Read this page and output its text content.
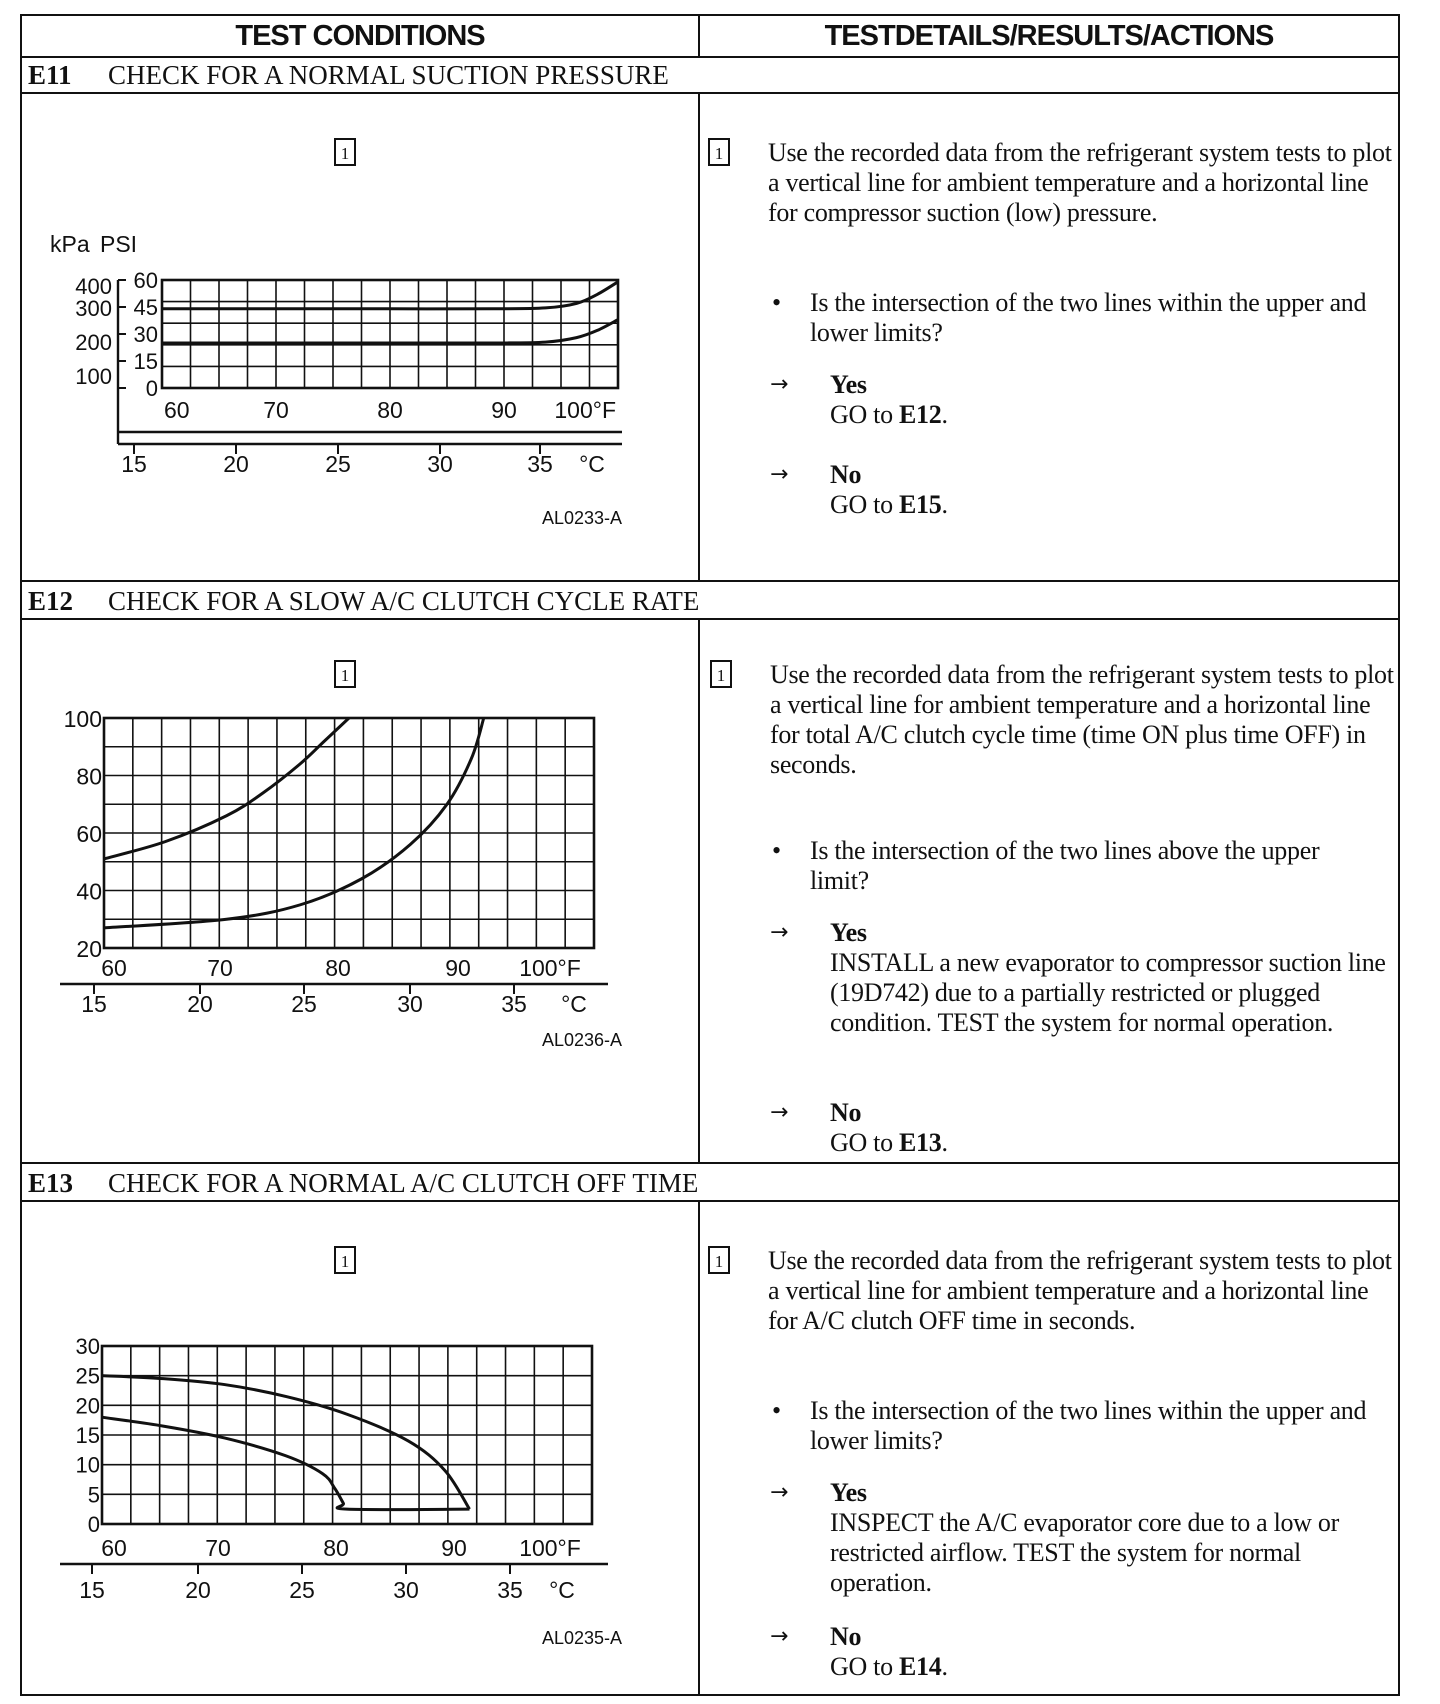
TEST CONDITIONS	TESTDETAILS/RESULTS/ACTIONS
E11 CHECK FOR A NORMAL SUCTION PRESSURE
1
kPa PSI
60
45
30
15
0
400
300
200
100
60	70	80	90 100°F
15	20	25	30	35 °C
AL0233-A
1 Use the recorded data from the refrigerant system tests to plot a vertical line for ambient temperature and a horizontal line for compressor suction (low) pressure.
• Is the intersection of the two lines within the upper and lower limits?
→ Yes
GO to E12.
→ No
GO to E15.
E12 CHECK FOR A SLOW A/C CLUTCH CYCLE RATE
1
100
80
60
40
20
60	70	80	90 100°F
15	20	25	30	35 °C
AL0236-A
1 Use the recorded data from the refrigerant system tests to plot a vertical line for ambient temperature and a horizontal line for total A/C clutch cycle time (time ON plus time OFF) in seconds.
• Is the intersection of the two lines above the upper limit?
→ Yes
INSTALL a new evaporator to compressor suction line (19D742) due to a partially restricted or plugged condition. TEST the system for normal operation.
→ No
GO to E13.
E13 CHECK FOR A NORMAL A/C CLUTCH OFF TIME
1
30
25
20
15
10
5
0
60	70	80	90 100°F
15	20	25	30	35 °C
AL0235-A
1 Use the recorded data from the refrigerant system tests to plot a vertical line for ambient temperature and a horizontal line for A/C clutch OFF time in seconds.
• Is the intersection of the two lines within the upper and lower limits?
→ Yes
INSPECT the A/C evaporator core due to a low or restricted airflow. TEST the system for normal operation.
→ No
GO to E14.
